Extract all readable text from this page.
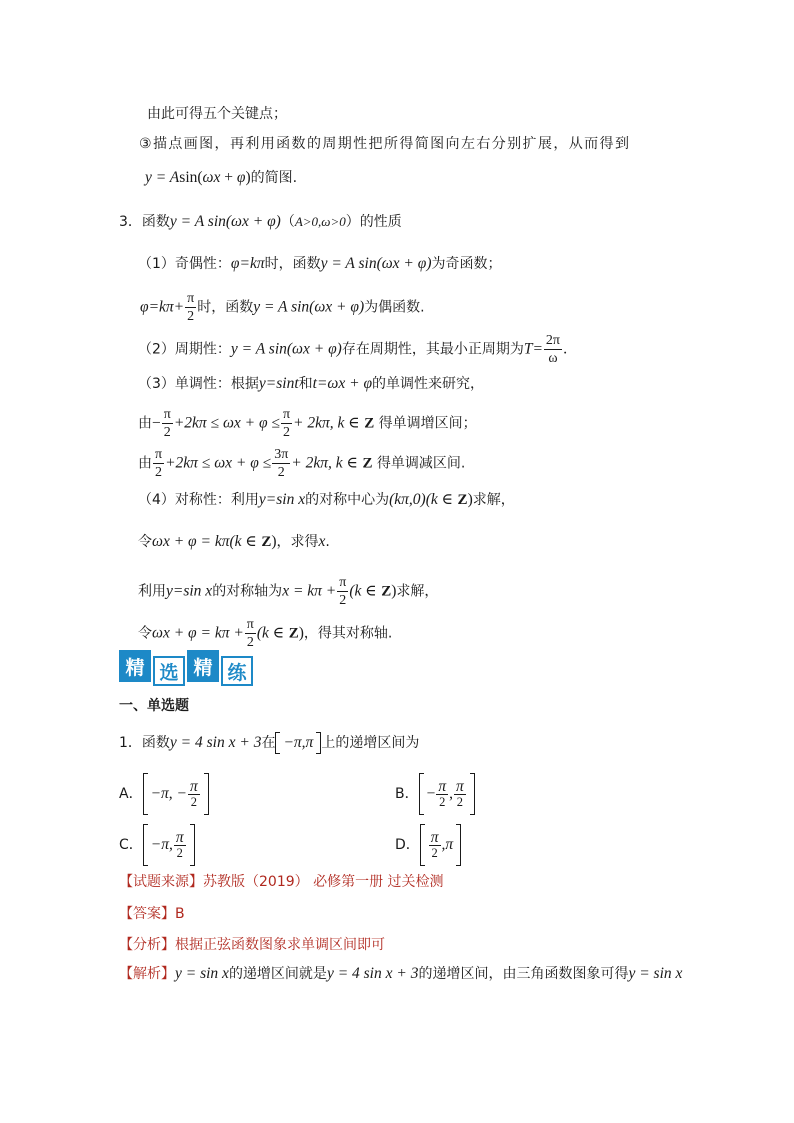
由此可得五个关键点；
③描点画图，再利用函数的周期性把所得简图向左右分别扩展，从而得到
y = Asin(ωx + φ)的简图.
3．函数y = A sin(ωx + φ)（A>0,ω>0）的性质
（1）奇偶性：φ=kπ时，函数y = A sin(ωx + φ)为奇函数；
$\varphi=k\pi+ \frac{\pi}{2}$ 时，函数y = A sin(ωx + φ)为偶函数.
（2）周期性：y = A sin(ωx + φ)存在周期性，其最小正周期为$T= \frac{2\pi}{\omega}$ ．
（3）单调性：根据y=sint和t=ωx + φ的单调性来研究，
由− $\frac{\pi}{2} +2k\pi \le \omega x + \varphi \le \frac{\pi}{2} + 2k\pi$, k ∈ Z 得单调增区间；
由 $\frac{\pi}{2} +2k\pi \le \omega x + \varphi \le \frac{3\pi}{2} + 2k\pi$, k ∈ Z 得单调减区间.
（4）对称性：利用y=sin x的对称中心为(kπ,0)(k ∈ Z)求解，
令ωx + φ = kπ(k ∈ Z)，求得x.
利用y=sin x的对称轴为$x = k\pi + \frac{\pi}{2} (k$ ∈ Z)求解，
令$\omega x + \varphi = k\pi + \frac{\pi}{2} (k$ ∈ Z)，得其对称轴.
精 选 精 练
一、单选题
1．函数y = 4 sin x + 3在 −π,π 上的递增区间为
A． −π, − $\frac{\pi}{2}$	B． − $\frac{\pi}{2}$ , $\frac{\pi}{2}$
C． −π, $\frac{\pi}{2}$	D． $\frac{\pi}{2} ,\pi$
【试题来源】苏教版（2019） 必修第一册 过关检测
【答案】B
【分析】根据正弦函数图象求单调区间即可
【解析】y = sin x的递增区间就是y = 4 sin x + 3的递增区间，由三角函数图象可得y = sin x
